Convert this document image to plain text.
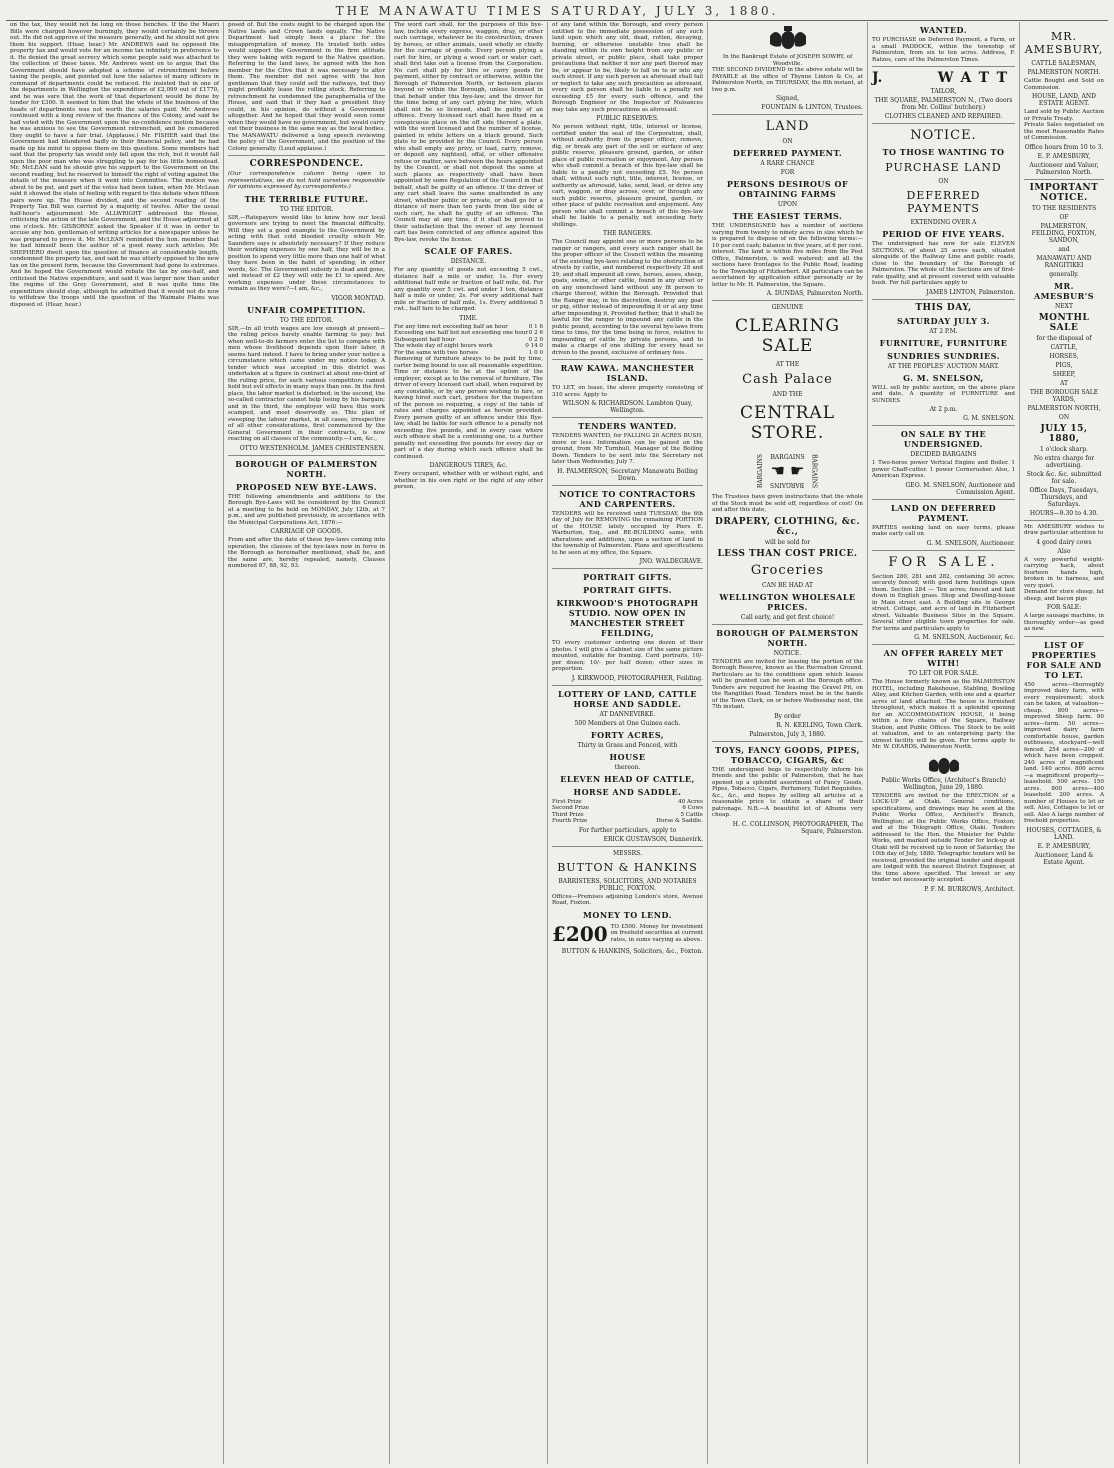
THE MANAWATU TIMES SATURDAY, JULY 3, 1880.

on the tax, they would not be long on those benches. If the the Maori Bills were charged however burningly, they would certainly be thrown out. He did not approve of the measure generally, and he should not give them his support. (Hear, hear.) Mr. ANDREWS said he opposed the property tax and would vote for an income tax infinitely in preference to it. He denied the great secrecy which some people said was attached to the collection of these taxes. Mr. Andrews went on to argue that the Government should have adopted a scheme of retrenchment before taxing the people, and pointed out how the salaries of many officers in command of departments could be reduced. He insisted that in one of the departments in Wellington the expenditure of £2,099 out of £1770, and he was sure that the work of that department would be done by tender for £300. It seemed to him that the whole of the business of the heads of departments was not worth the salaries paid. Mr. Andrews continued with a long review of the finances of the Colony, and said he had voted with the Government upon the no-confidence motion because he was anxious to see the Government retrenched, and he considered they ought to have a fair trial. (Applause.) Mr. FISHER said that the Government had blundered badly in their financial policy, and he had made up his mind to oppose them on this question. Some members had said that the property tax would only fall upon the rich, but it would fall upon the poor man who was struggling to pay for his little homestead. Mr. McLEAN said he should give his support to the Government on the second reading, but he reserved to himself the right of voting against the details of the measure when it went into Committee. The motion was about to be put, and part of the votes had been taken, when Mr. McLean said it showed the state of feeling with regard to this debate when fifteen pairs were up. The House divided, and the second reading of the Property Tax Bill was carried by a majority of twelve. After the usual half-hour's adjournment Mr. ALLWRIGHT addressed the House, criticising the action of the late Government, and the House adjourned at one o'clock. Mr. GISBORNE asked the Speaker if it was in order to accuse any hon. gentleman of writing articles for a newspaper unless he was prepared to prove it. Mr. McLEAN reminded the hon. member that he had himself been the author of a good many such articles. Mr. SHEPHERD dwelt upon the question of finance at considerable length, condemned the property tax, and said he was utterly opposed to the new tax on the present form, because the Government had gone to extremes. And he hoped the Government would rebate the tax by one-half, and criticised the Native expenditure, and said it was larger now than under the regime of the Grey Government, and it was quite time the expenditure should stop, although he admitted that it would not do now to withdraw the troops until the question of the Waimate Plains was disposed of. (Hear, hear.)

posed of. But the costs ought to be charged upon the Native lands and Crown lands equally. The Native Department had simply been a place for the misappropriation of money. He trusted both sides would support the Government in the firm attitude they were taking with regard to the Native question. Referring to the land laws, he agreed with the hon member for the Clive that it was necessary to alter them. The member did not agree with the hon gentleman that they could sell the railways, but they might profitably lease the rolling stock. Referring to retrenchment he condemned the paraphernalia of the House, and said that if they had a president they could, in his opinion, do without a Government altogether. And he hoped that they would soon come when they would have no government, but would carry out their business in the same way as the local bodies. The MANAWATU delivered a long speech reviewing the policy of the Government, and the position of the Colony generally. (Loud applause.)

CORRESPONDENCE.

(Our correspondence column being open to representatives, we do not hold ourselves responsible for opinions expressed by correspondents.)

THE TERRIBLE FUTURE.
TO THE EDITOR.

SIR,—Ratepayers would like to know how our local governors are trying to meet the financial difficulty. Will they set a good example to the Government by acting with that cold blooded cruelty which Mr. Saunders says is absolutely necessary? If they reduce their working expenses by one half, they will be in a position to spend very little more than one half of what they have been in the habit of spending, in other words, &c. The Government subsidy is dead and gone, and instead of £2 they will only be £1 to spend. Are working expenses under these circumstances to remain as they were?—I am, &c.,

VIGOR MONTAD.
UNFAIR COMPETITION.
TO THE EDITOR.

SIR,—In all truth wages are low enough at present—the ruling prices barely enable farming to pay; but when well-to-do farmers enter the list to compete with men whose livelihood depends upon their labor, it seems hard indeed. I have to bring under your notice a circumstance which came under my notice today. A tender which was accepted in this district was undertaken at a figure in contract at about one-third of the ruling price, for such various competitors cannot hold but evil effects in many ways than one. In the first place, the labor market is disturbed; in the second, the so-called contractor cannot help losing by his bargain; and in the third, the employer will have this work scamped, and most deservedly so. This plan of sweeping the labour market, in all cases, irrespective of all other considerations, first commenced by the General Government in their contracts, is now reacting on all classes of the community.—I am, &c.,

OTTO WESTENHOLM. JAMES CHRISTENSEN.
BOROUGH OF PALMERSTON NORTH.
PROPOSED NEW BYE-LAWS.

THE following amendments and additions to the Borough Bye-Laws will be considered by the Council at a meeting to be held on MONDAY, July 12th, at 7 p.m., and are published previously, in accordance with the Municipal Corporations Act, 1876:—

CARRIAGE OF GOODS.

From and after the date of these bye-laws coming into operation, the clauses of the bye-laws now in force in the Borough as hereinafter mentioned, shall be, and the same are, hereby repealed, namely, Clauses numbered 87, 88, 92, 93.

The word cart shall, for the purposes of this bye-law, include every express, waggon, dray, or other such carriage, whatever be its construction, drawn by horses, or other animals, used wholly or chiefly for the carriage of goods. Every person plying a cart for hire, or plying a wood cart or water cart, shall first take out a license from the Corporation. No cart shall ply for hire or carry goods for payment, either by contract or otherwise, within the Borough of Palmerston North, or between places beyond or within the Borough, unless licensed in that behalf under this bye-law; and the driver for the time being of any cart plying for hire, which shall not be so licensed, shall be guilty of an offence. Every licensed cart shall have fixed on a conspicuous place on the off side thereof a plate, with the word licensed and the number of license, painted in white letters on a black ground. Such plate to be provided by the Council. Every person who shall empty any privy, or load, carry, remove, or deposit any nightsoil, offal, or other offensive refuse or matter, save between the hours appointed by the Council, or shall not deposit the same at such places as respectively shall have been appointed by some Regulation of the Council in that behalf, shall be guilty of an offence. If the driver of any cart shall leave the same unattended in any street, whether public or private, or shall go for a distance of more than ten yards from the side of such cart, he shall be guilty of an offence. The Council may at any time, if it shall be proved to their satisfaction that the owner of any licensed cart has been convicted of any offence against this Bye-law, revoke the license.

SCALE OF FARES.
DISTANCE.

For any quantity of goods not exceeding 5 cwt., distance half a mile or under, 1s. For every additional half mile or fraction of half mile, 6d. For any quantity over 5 cwt. and under 1 ton, distance half a mile or under, 2s. For every additional half mile or fraction of half mile, 1s. Every additional 5 cwt., half fare to be charged.

TIME.
For any time not exceeding half an hour	0 1 6
Exceeding one half but not exceeding one hour 0 2 6
Subsequent half hour	0 2 0
The whole day of eight hours work	0 14 0
For the same with two horses	1 0 0

Removing of furniture always to be paid by time, carter being bound to use all reasonable expedition. Time or distance to be at the option of the employer, except as to the removal of furniture. The driver of every licensed cart shall, when required by any constable, or by any person wishing to hire, or having hired such cart, produce for the inspection of the person so requiring, a copy of the table of rates and charges appointed as herein provided. Every person guilty of an offence under this Bye-law, shall be liable for such offence to a penalty not exceeding five pounds, and in every case where such offence shall be a continuing one, to a further penalty not exceeding five pounds for every day or part of a day during which such offence shall be continued.

DANGEROUS TIRES, &c.

Every occupant, whether with or without right, and whether in his own right or the right of any other person,

of any land within the Borough, and every person entitled to the immediate possession of any such land upon which any old, dead, rotten, decaying, burning, or otherwise unstable tree shall be standing within its own height from any public or private street, or public place, shall take proper precautions that neither it nor any part thereof may be, or appear to be, likely to fall on to or into any such street. If any such person as aforesaid shall fail or neglect to take any such precaution as aforesaid, every such person shall be liable to a penalty not exceeding £5 for every such offence, and the Borough Engineer or the Inspector of Nuisances may take any such precautions as aforesaid.

PUBLIC RESERVES.

No person without right, title, interest or license, certified under the seal of the Corporation, shall, without authority from its proper officer, remove, dig, or break any part of the soil or surface of any public reserve, pleasure ground, garden, or other place of public recreation or enjoyment. Any person who shall commit a breach of this bye-law shall be liable to a penalty not exceeding £5. No person shall, without such right, title, interest, license, or authority as aforesaid, take, send, lead, or drive any cart, waggon, or dray across, over, or through any such public reserve, pleasure ground, garden, or other place of public recreation and enjoyment. Any person who shall commit a breach of this bye-law shall be liable to a penalty not exceeding forty shillings.

THE RANGERS.

The Council may appoint one or more persons to be ranger or rangers, and every such ranger shall be the proper officer of the Council within the meaning of the existing bye-laws relating to the obstruction of streets by cattle, and numbered respectively 28 and 29, and shall impound all cows, horses, asses, sheep, goats, swine, or other cattle, found in any street or on any unenclosed land without any fit person to charge thereof, within the Borough. Provided that the Ranger may, in his discretion, destroy any goat or pig, either instead of impounding it or at any time after impounding it. Provided further, that it shall be lawful for the ranger to impound any cattle in the public pound, according to the several bye-laws from time to time, for the time being in force, relative to impounding of cattle by private persons, and to make a charge of one shilling for every head so driven to the pound, exclusive of ordinary fees.

RAW KAWA. MANCHESTER ISLAND.

TO LET, on lease, the above property consisting of 310 acres. Apply to

WILSON & RICHARDSON. Lambton Quay, Wellington.
TENDERS WANTED.

TENDERS WANTED, for FALLING 20 ACRES BUSH, more or less. Information can be gained on the ground, from Mr Turnbull, Manager of the Boiling Down. Tenders to be sent into the Secretary not later than Wednesday, July 7.

H. PALMERSON, Secretary Manawatu Boiling Down.
NOTICE TO CONTRACTORS AND CARPENTERS.

TENDERS will be received until TUESDAY, the 6th day of July for REMOVING the remaining PORTION of the HOUSE lately occupied by Piers E. Warburton, Esq., and RE-BUILDING same, with alterations and additions, upon a section of land in the township of Palmerston. Plans and specifications to be seen at my office, the Square.

JNO. WALDEGRAVE.
PORTRAIT GIFTS.
PORTRAIT GIFTS.
KIRKWOOD'S PHOTOGRAPH STUDIO. NOW OPEN IN MANCHESTER STREET FEILDING,

TO every customer ordering one dozen of their photos. I will give a Cabinet size of the same picture mounted, suitable for framing. Card portraits, 10/- per dozen; 10/- per half dozen; other sizes in proportion.

J. KIRKWOOD, PHOTOGRAPHER, Feilding.
LOTTERY OF LAND, CATTLE HORSE AND SADDLE.
AT DANNEVIRKE.
500 Members at One Guinea each.
FORTY ACRES,
Thirty in Grass and Fenced, with
HOUSE
thereon.
ELEVEN HEAD OF CATTLE,
HORSE AND SADDLE.
First Prize	40 Acres
Second Prize	6 Cows
Third Prize	5 Cattle
Fourth Prize	Horse & Saddle.
For further particulars, apply to
ERICK GUSTAVSON, Dannevirk.
MESSRS.
BUTTON & HANKINS
BARRISTERS, SOLICITORS, AND NOTARIES PUBLIC, FOXTON.

Offices—Premises adjoining London's store, Avenue Road, Foxton.

MONEY TO LEND.
£200 TO £500. Money for investment on freehold securities at current rates, in sums varying as above.

BUTTON & HANKINS, Solicitors, &c., Foxton.

In the Bankrupt Estate of JOSEPH SOWRY, of Woodville.

THE SECOND DIVIDEND in the above estate will be PAYABLE at the office of Thynne Linton & Co, at Palmerston North, on THURSDAY, the 8th instant, at two p.m.

Signed,
FOUNTAIN & LINTON, Trustees.
LAND
ON
DEFERRED PAYMENT.
A RARE CHANCE
FOR
PERSONS DESIROUS OF OBTAINING FARMS
UPON
THE EASIEST TERMS.

THE UNDERSIGNED has a number of sections varying from twenty to ninety acres in size which he is prepared to dispose of on the following terms:— 10 per cent cash; balance in five years, at 6 per cent. interest. The land is within five miles from the Post Office, Palmerston, is well watered; and all the sections have frontages to the Public Road, leading to the Township of Fitzherbert. All particulars can be ascertained by application either personally or by letter to Mr. H. Palmerston, the Square.

A. DUNDAS, Palmerston North.
GENUINE
CLEARING SALE
AT THE
Cash Palace
AND THE
CENTRAL STORE.
BARGAINS BARGAINS
☚ ☛
BARGAINS BARGAINS

The Trustees have given instructions that the whole of the Stock must be sold off, regardless of cost! On and after this date,

DRAPERY, CLOTHING, &c. &c.,
will be sold for
LESS THAN COST PRICE.
Groceries
CAN BE HAD AT
WELLINGTON WHOLESALE PRICES.
Call early, and get first choice!
BOROUGH OF PALMERSTON NORTH.
NOTICE.

TENDERS are invited for leasing the portion of the Borough Reserve, known as the Recreation Ground. Particulars as to the conditions upon which leases will be granted can be seen at the Borough office. Tenders are required for leasing the Gravel Pit, on the Rangitikei Road. Tenders must be in the hands of the Town Clerk, on or before Wednesday next, the 7th instant.

By order
R. N. KEELING, Town Clerk.
Palmerston, July 3, 1880.
TOYS, FANCY GOODS, PIPES, TOBACCO, CIGARS, &c

THE undersigned begs to respectfully inform his friends and the public of Palmerston, that he has opened up a splendid assortment of Fancy Goods, Pipes, Tobacco, Cigars, Perfumery, Toilet Requisites, &c., &c., and hopes by selling all articles at a reasonable price to obtain a share of their patronage. N.B.—A beautiful lot of Albums very cheap.

H. C. COLLINSON, PHOTOGRAPHER, The Square, Palmerston.
WANTED.

TO PURCHASE on Deferred Payment, a Farm, or a small PADDOCK, within the township of Palmerston, from six to ten acres. Address, F. Ratzes, care of the Palmerston Times.

J.	WATT
TAILOR,
THE SQUARE, PALMERSTON N., (Two doors from Mr. Collins' butchery.)
CLOTHES CLEANED AND REPAIRED.
NOTICE.
TO THOSE WANTING TO
PURCHASE LAND
ON
DEFERRED PAYMENTS
EXTENDING OVER A
PERIOD OF FIVE YEARS.

The undersigned has now for sale ELEVEN SECTIONS, of about 25 acres each, situated alongside of the Railway Line and public roads, close to the boundary of the Borough of Palmerston. The whole of the Sections are of first-rate quality, and at present covered with valuable bush. For full particulars apply to

JAMES LINTON, Palmerston.
THIS DAY,
SATURDAY JULY 3.
AT 2 P.M.
FURNITURE, FURNITURE
SUNDRIES SUNDRIES.
AT THE PEOPLES' AUCTION MART.
G. M. SNELSON,

WILL sell by public auction, on the above place and date, A quantity of FURNITURE and SUNDIES

At 2 p.m.
G. M. SNELSON.
ON SALE BY THE UNDERSIGNED.
DECIDED BARGAINS

1 Two-horse power Vertical Engine and Boiler. 1 power Chaff-cutter. 1 power Cornerusher. Also, 1 American Express.

GEO. M. SNELSON, Auctioneer and Commission Agent.
LAND ON DEFERRED PAYMENT.

PARTIES seeking land on easy terms, please make early call on

G. M. SNELSON, Auctioneer.
FOR SALE.

Section 280, 281 and 282, containing 30 acres; securely fenced; with good farm buildings upon them. Section 284 — Ten acres; fenced and laid down in English grass. Shop and Dwelling-house in Main street east. A Building site in George street. Cottage, and acre of land in Fitzherbert street. Valuable Business Sites in the Square. Several other eligible town properties for sale. For terms and particulars apply to

G. M. SNELSON, Auctioneer, &c.
AN OFFER RARELY MET WITH!
TO LET OR FOR SALE.

The House formerly known as the PALMERSTON HOTEL, including Bakehouse, Stabling, Bowling Alley, and Kitchen Garden, with one and a quarter acres of land attached. The house is furnished throughout, which makes it a splendid opening for an ACCOMMODATION HOUSE, it being within a few chains of the Square, Railway Station, and Public Offices. The Stock to be sold at valuation, and to an enterprising party the utmost facility will be given. For terms apply to Mr. W. DEARDS, Palmerston North.

Public Works Office, (Architect's Branch) Wellington, June 29, 1880.

TENDERS are invited for the ERECTION of a LOCK-UP at Otaki. General conditions, specifications, and drawings may be seen at the Public Works Office, Architect's Branch, Wellington; at the Public Works Office, Foxton; and at the Telegraph Office, Otaki. Tenders addressed to the Hon. the Minister for Public Works, and marked outside Tender for lock-up at Otaki will be received up to noon of Saturday, the 10th day of July, 1880. Telegraphic tenders will be received, provided the original tender and deposit are lodged with the nearest District Engineer, at the time above specified. The lowest or any tender not necessarily accepted.

P. F. M. BURROWS, Architect.
MR. AMESBURY,
CATTLE SALESMAN,
PALMERSTON NORTH.

Cattle Bought and Sold on Commission.

HOUSE, LAND, AND ESTATE AGENT.

Land sold by Public Auction or Private Treaty.

Private Sales negotiated on the most Reasonable Rates of Commission.

Office hours from 10 to 3.
E. P. AMESBURY,
Auctioneer and Valuer, Palmerston North.
IMPORTANT NOTICE.
TO THE RESIDENTS
OF
PALMERSTON, FEILDING, FOXTON, SANDON,
and
MANAWATU AND RANGITIKEI
generally.
MR. AMESBUR'S
NEXT
MONTHL SALE
for the disposal of
CATTLE,
HORSES,
PIGS,
SHEEP,
AT
THE BOROUGH SALE YARDS,
PALMERSTON NORTH,
ON
JULY 15, 1880,
1 o'clock sharp.
No extra charge for advertising.
Stock &c. &c. submitted for sale.
Office Days, Tuesdays, Thursdays, and Saturdays.
HOURS—9.30 to 4.30.

Mr. AMESBURY wishes to draw particular attention to

4 good dairy cows
Also

A very powerful weight-carrying hack, about fourteen hands high, broken in to harness, and very quiet.

Demand for store sheep, fat sheep, and bacon pigs

FOR SALE:

A large sausage machine, in thoroughly order—as good as new.

LIST OF PROPERTIES FOR SALE AND TO LET.

450 acres—thoroughly improved dairy farm, with every requirement; stock can be taken, at valuation—cheap. 800 acres—improved Sheep farm. 80 acres—farm. 50 acres—improved dairy farm comfortable house, garden outhouses, stockyard—well fenced. 254 acres—200 of which have been cropped. 240 acres of magnificent land. 140 acres. 800 acres—a magnificent property—leasehold. 500 acres. 150 acres. 800 acres—400 leasehold. 200 acres. A number of Houses to let or sell. Also, Cottages to let or sell. Also A large number of freehold properties.

HOUSES, COTTAGES, & LAND.
E. P. AMESBURY,
Auctioneer, Land & Estate Agent.
